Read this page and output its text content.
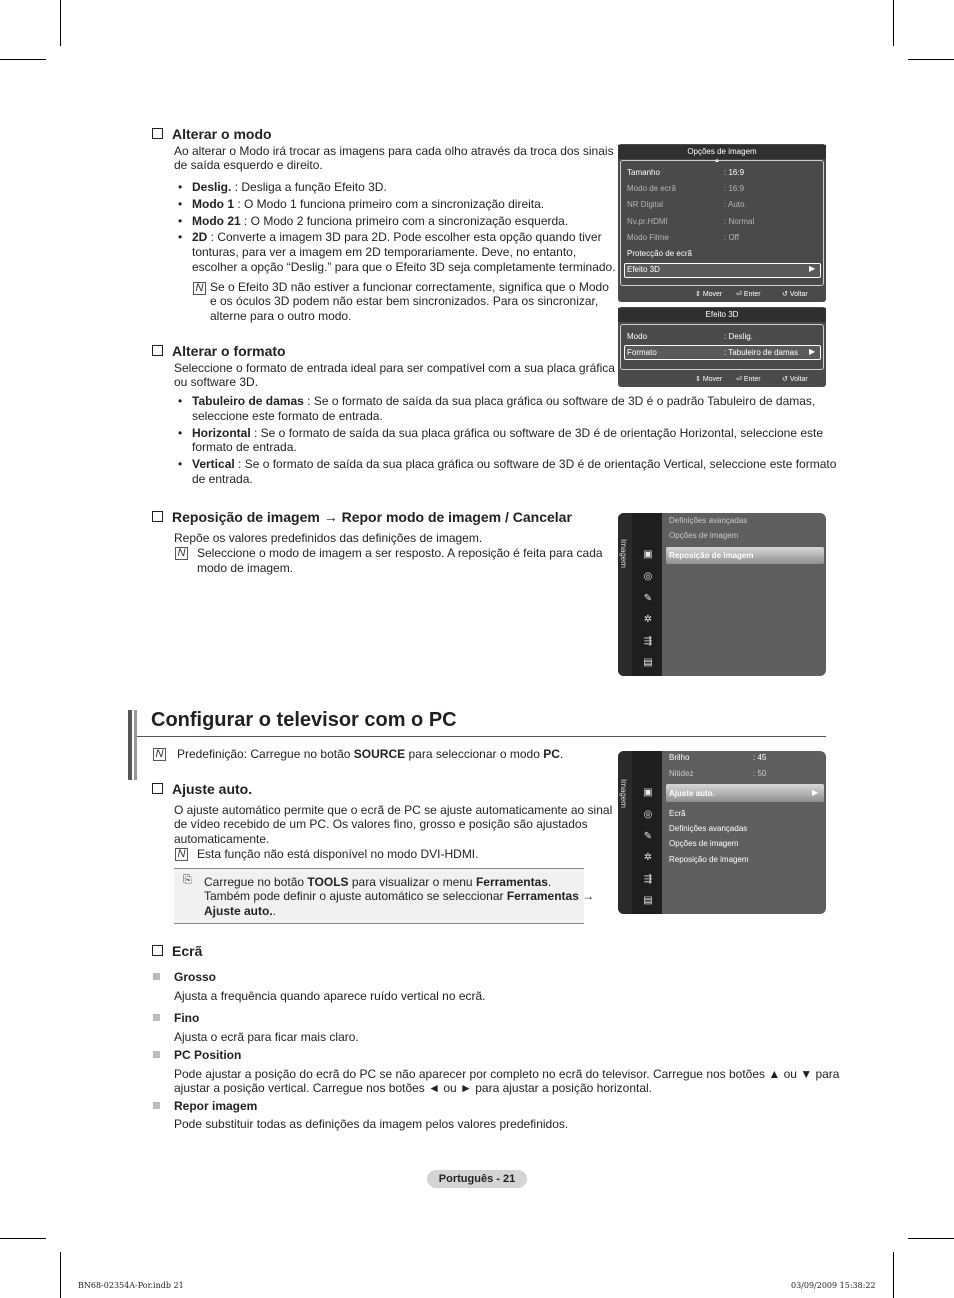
Alterar o modo
Ao alterar o Modo irá trocar as imagens para cada olho através da troca dos sinais
de saída esquerdo e direito.
• Deslig. : Desliga a função Efeito 3D.
• Modo 1 : O Modo 1 funciona primeiro com a sincronização direita.
• Modo 21 : O Modo 2 funciona primeiro com a sincronização esquerda.
• 2D : Converte a imagem 3D para 2D. Pode escolher esta opção quando tiver
tonturas, para ver a imagem em 2D temporariamente. Deve, no entanto,
escolher a opção “Deslig.” para que o Efeito 3D seja completamente terminado.
N Se o Efeito 3D não estiver a funcionar correctamente, significa que o Modo
e os óculos 3D podem não estar bem sincronizados. Para os sincronizar,
alterne para o outro modo.
Alterar o formato
Seleccione o formato de entrada ideal para ser compatível com a sua placa gráfica
ou software 3D.
• Tabuleiro de damas : Se o formato de saída da sua placa gráfica ou software de 3D é o padrão Tabuleiro de damas,
seleccione este formato de entrada.
• Horizontal : Se o formato de saída da sua placa gráfica ou software de 3D é de orientação Horizontal, seleccione este
formato de entrada.
• Vertical : Se o formato de saída da sua placa gráfica ou software de 3D é de orientação Vertical, seleccione este formato
de entrada.
Reposição de imagem → Repor modo de imagem / Cancelar
Repõe os valores predefinidos das definições de imagem.
N Seleccione o modo de imagem a ser resposto. A reposição é feita para cada
modo de imagem.
Configurar o televisor com o PC
N Predefinição: Carregue no botão SOURCE para seleccionar o modo PC.
Ajuste auto.
O ajuste automático permite que o ecrã de PC se ajuste automaticamente ao sinal
de vídeo recebido de um PC. Os valores fino, grosso e posição são ajustados
automaticamente.
N Esta função não está disponível no modo DVI-HDMI.
⎘	Carregue no botão TOOLS para visualizar o menu Ferramentas.
Também pode definir o ajuste automático se seleccionar Ferramentas →
Ajuste auto..
Ecrã
Grosso
Ajusta a frequência quando aparece ruído vertical no ecrã.
Fino
Ajusta o ecrã para ficar mais claro.
PC Position
Pode ajustar a posição do ecrã do PC se não aparecer por completo no ecrã do televisor. Carregue nos botões ▲ ou ▼ para
ajustar a posição vertical. Carregue nos botões ◄ ou ► para ajustar a posição horizontal.
Repor imagem
Pode substituir todas as definições da imagem pelos valores predefinidos.
Opções de imagem
▲
Tamanho	: 16:9
Modo de ecrã	: 16:9
NR Digital	: Auto.
Nv.pr.HDMI	: Normal
Modo Filme	: Off
Protecção de ecrã
Efeito 3D	▶
⇕ Mover ⏎ Enter	↺ Voltar
Efeito 3D
Modo	: Deslig.
Formato	: Tabuleiro de damas ▶
⇕ Mover ⏎ Enter	↺ Voltar
Imagem ▣
◎
✎
✲
⇶
▤
Definições avançadas
Opções de imagem
Reposição de imagem
Imagem ▣
◎
✎
✲
⇶
▤
Brilho	: 45
Nitidez	: 50
Ajuste auto.	▶
Ecrã
Definições avançadas
Opções de imagem
Reposição de imagem
Português - 21
BN68-02354A-Por.indb 21	03/09/2009 15:38:22
